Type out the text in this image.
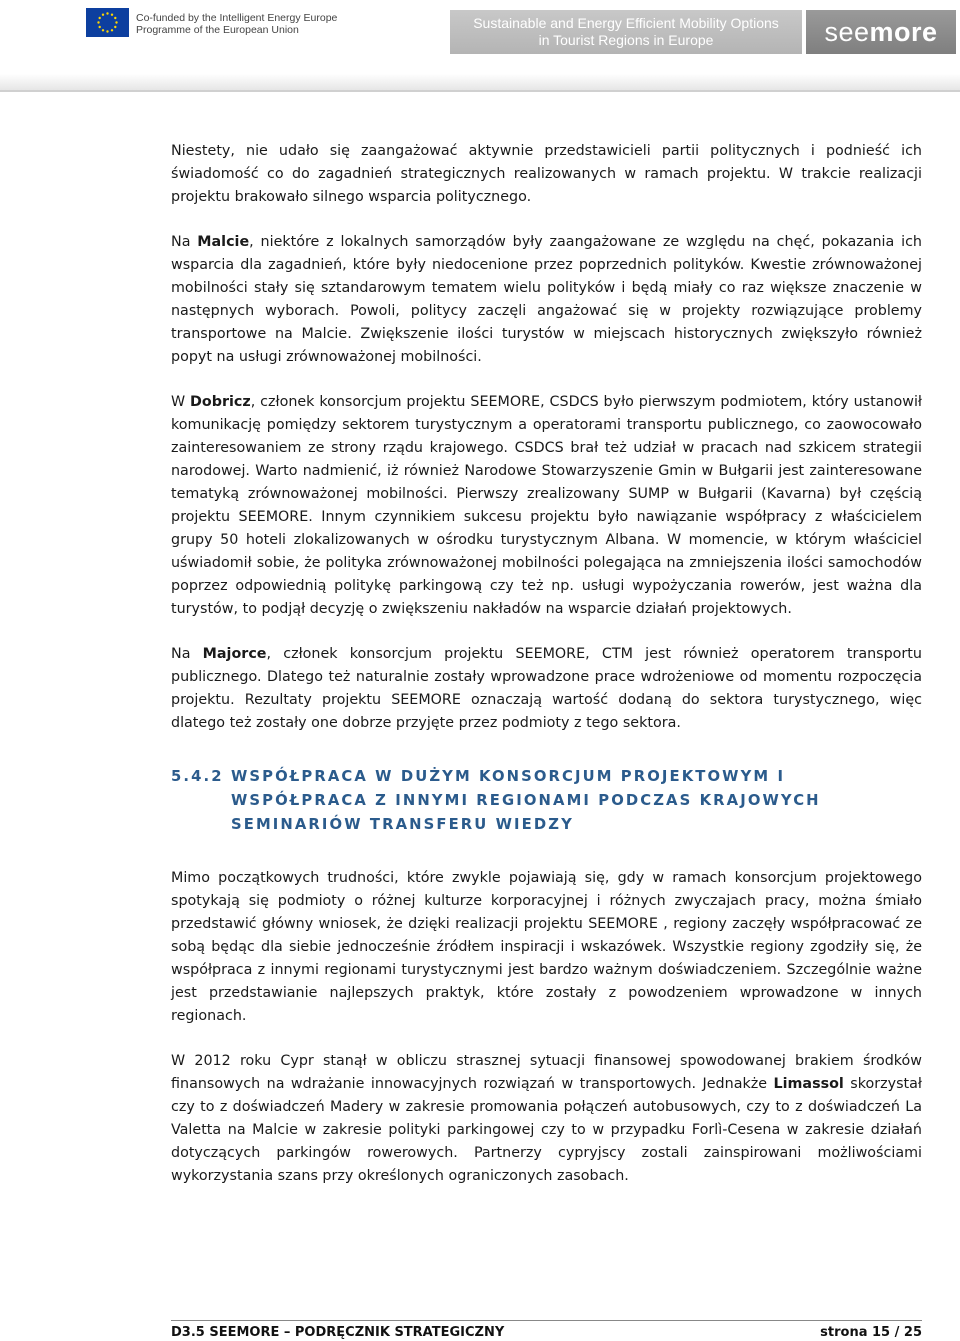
Co-funded by the Intelligent Energy Europe
Programme of the European Union	Sustainable and Energy Efficient Mobility Options
in Tourist Regions in Europe	seemore

Niestety, nie udało się zaangażować aktywnie przedstawicieli partii politycznych i podnieść ich świadomość co do zagadnień strategicznych realizowanych w ramach projektu. W trakcie realizacji projektu brakowało silnego wsparcia politycznego.

Na Malcie, niektóre z lokalnych samorządów były zaangażowane ze względu na chęć, pokazania ich wsparcia dla zagadnień, które były niedocenione przez poprzednich polityków. Kwestie zrównoważonej mobilności stały się sztandarowym tematem wielu polityków i będą miały co raz większe znaczenie w następnych wyborach. Powoli, politycy zaczęli angażować się w projekty rozwiązujące problemy transportowe na Malcie. Zwiększenie ilości turystów w miejscach historycznych zwiększyło również popyt na usługi zrównoważonej mobilności.

W Dobricz, członek konsorcjum projektu SEEMORE, CSDCS było pierwszym podmiotem, który ustanowił komunikację pomiędzy sektorem turystycznym a operatorami transportu publicznego, co zaowocowało zainteresowaniem ze strony rządu krajowego. CSDCS brał też udział w pracach nad szkicem strategii narodowej. Warto nadmienić, iż również Narodowe Stowarzyszenie Gmin w Bułgarii jest zainteresowane tematyką zrównoważonej mobilności. Pierwszy zrealizowany SUMP w Bułgarii (Kavarna) był częścią projektu SEEMORE. Innym czynnikiem sukcesu projektu było nawiązanie współpracy z właścicielem grupy 50 hoteli zlokalizowanych w ośrodku turystycznym Albana. W momencie, w którym właściciel uświadomił sobie, że polityka zrównoważonej mobilności polegająca na zmniejszenia ilości samochodów poprzez odpowiednią politykę parkingową czy też np. usługi wypożyczania rowerów, jest ważna dla turystów, to podjął decyzję o zwiększeniu nakładów na wsparcie działań projektowych.

Na Majorce, członek konsorcjum projektu SEEMORE, CTM jest również operatorem transportu publicznego. Dlatego też naturalnie zostały wprowadzone prace wdrożeniowe od momentu rozpoczęcia projektu. Rezultaty projektu SEEMORE oznaczają wartość dodaną do sektora turystycznego, więc dlatego też zostały one dobrze przyjęte przez podmioty z tego sektora.

5.4.2 WSPÓŁPRACA W DUŻYM KONSORCJUM PROJEKTOWYM I WSPÓŁPRACA Z INNYMI REGIONAMI PODCZAS KRAJOWYCH SEMINARIÓW TRANSFERU WIEDZY

Mimo początkowych trudności, które zwykle pojawiają się, gdy w ramach konsorcjum projektowego spotykają się podmioty o różnej kulturze korporacyjnej i różnych zwyczajach pracy, można śmiało przedstawić główny wniosek, że dzięki realizacji projektu SEEMORE , regiony zaczęły współpracować ze sobą będąc dla siebie jednocześnie źródłem inspiracji i wskazówek. Wszystkie regiony zgodziły się, że współpraca z innymi regionami turystycznymi jest bardzo ważnym doświadczeniem. Szczególnie ważne jest przedstawianie najlepszych praktyk, które zostały z powodzeniem wprowadzone w innych regionach.

W 2012 roku Cypr stanął w obliczu strasznej sytuacji finansowej spowodowanej brakiem środków finansowych na wdrażanie innowacyjnych rozwiązań w transportowych. Jednakże Limassol skorzystał czy to z doświadczeń Madery w zakresie promowania połączeń autobusowych, czy to z doświadczeń La Valetta na Malcie w zakresie polityki parkingowej czy to w przypadku Forlì-Cesena w zakresie działań dotyczących parkingów rowerowych. Partnerzy cypryjscy zostali zainspirowani możliwościami wykorzystania szans przy określonych ograniczonych zasobach.

D3.5 SEEMORE – PODRĘCZNIK STRATEGICZNY	strona 15 / 25
